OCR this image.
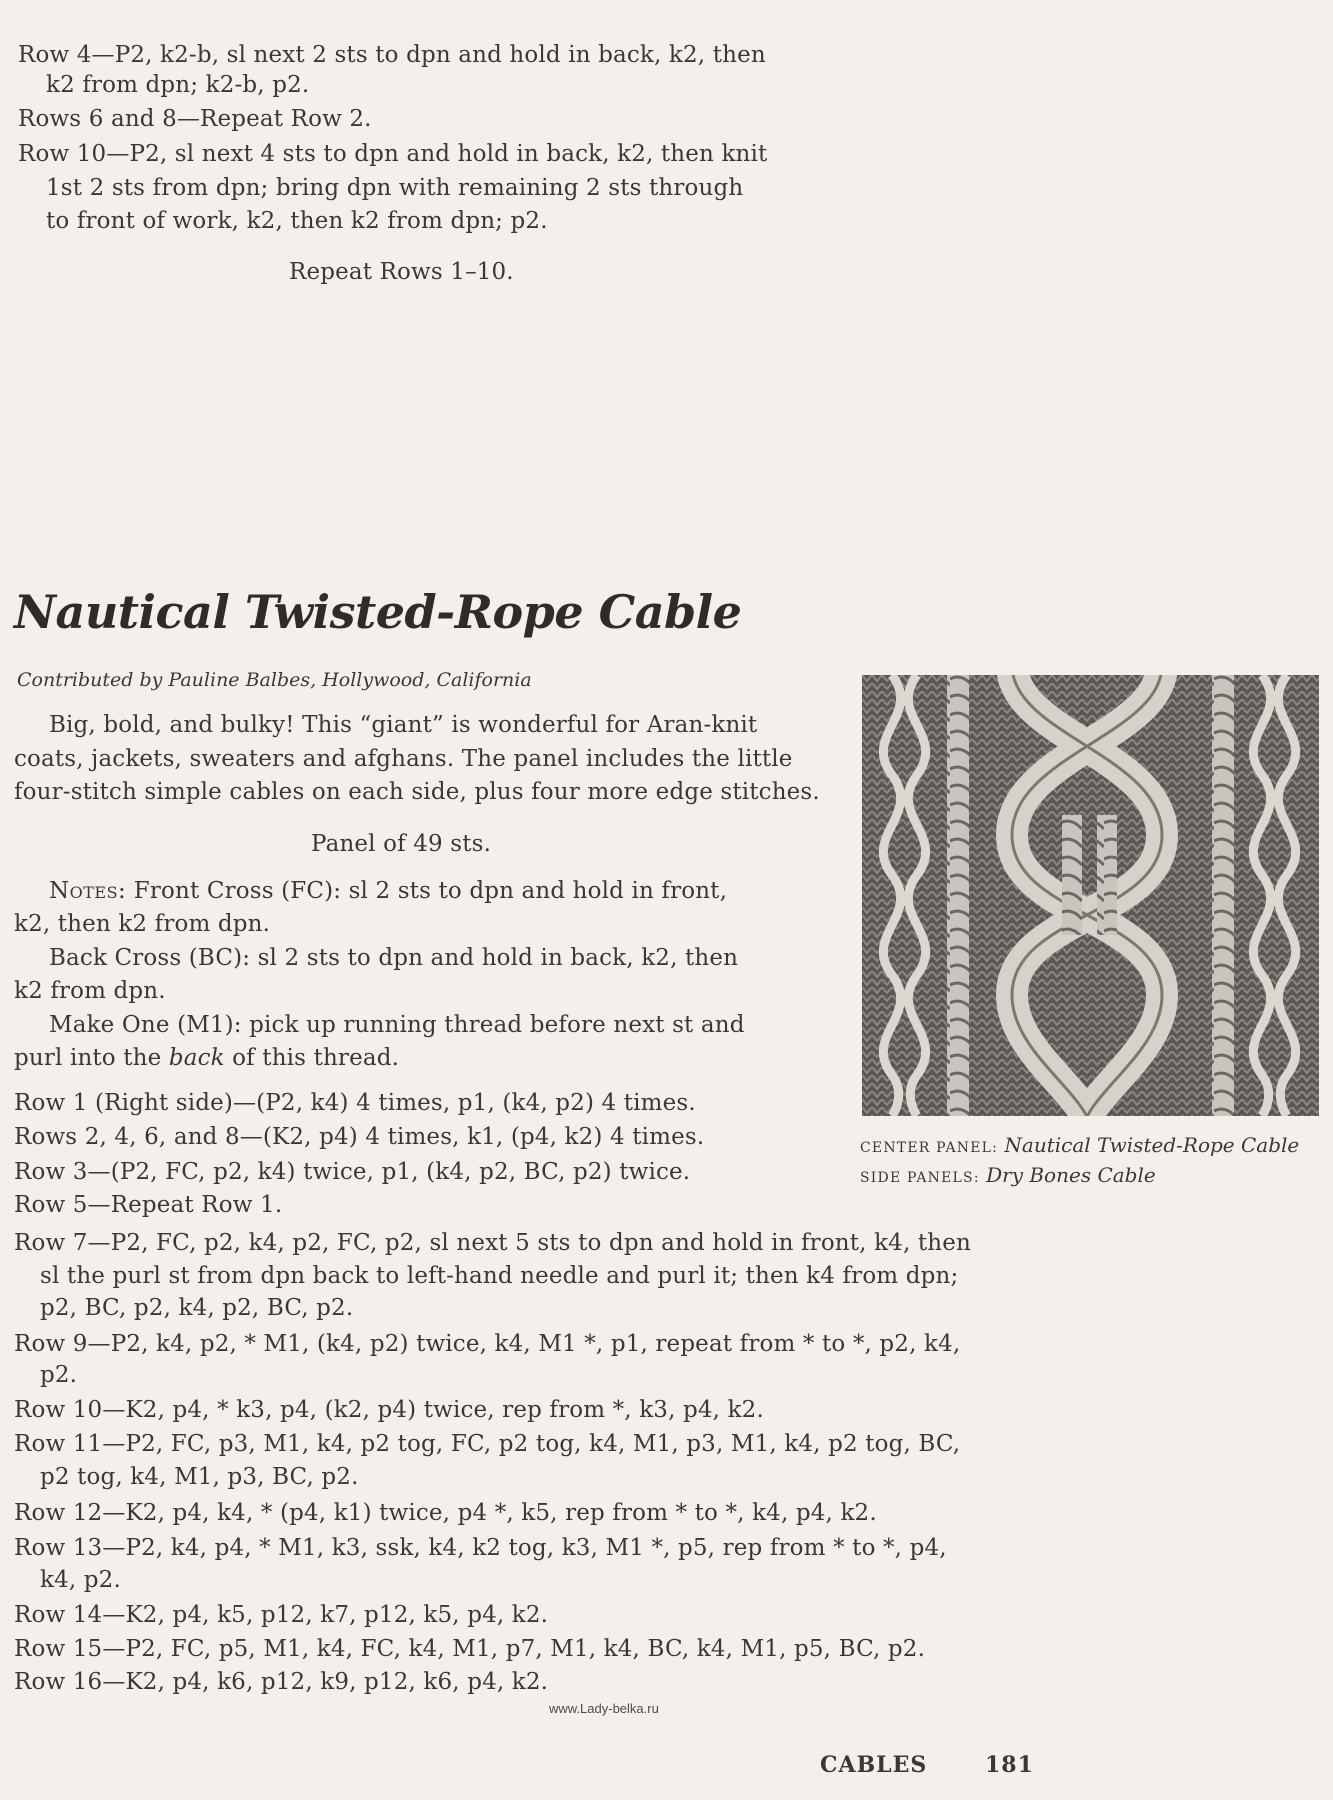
Row 4—P2, k2-b, sl next 2 sts to dpn and hold in back, k2, then
k2 from dpn; k2-b, p2.
Rows 6 and 8—Repeat Row 2.
Row 10—P2, sl next 4 sts to dpn and hold in back, k2, then knit
1st 2 sts from dpn; bring dpn with remaining 2 sts through
to front of work, k2, then k2 from dpn; p2.
Repeat Rows 1–10.
Nautical Twisted-Rope Cable
Contributed by Pauline Balbes, Hollywood, California
Big, bold, and bulky! This “giant” is wonderful for Aran-knit
coats, jackets, sweaters and afghans. The panel includes the little
four-stitch simple cables on each side, plus four more edge stitches.
Panel of 49 sts.
Notes: Front Cross (FC): sl 2 sts to dpn and hold in front,
k2, then k2 from dpn.
Back Cross (BC): sl 2 sts to dpn and hold in back, k2, then
k2 from dpn.
Make One (M1): pick up running thread before next st and
purl into the back of this thread.
CENTER PANEL: Nautical Twisted-Rope Cable
SIDE PANELS: Dry Bones Cable
Row 1 (Right side)—(P2, k4) 4 times, p1, (k4, p2) 4 times.
Rows 2, 4, 6, and 8—(K2, p4) 4 times, k1, (p4, k2) 4 times.
Row 3—(P2, FC, p2, k4) twice, p1, (k4, p2, BC, p2) twice.
Row 5—Repeat Row 1.
Row 7—P2, FC, p2, k4, p2, FC, p2, sl next 5 sts to dpn and hold in front, k4, then
sl the purl st from dpn back to left-hand needle and purl it; then k4 from dpn;
p2, BC, p2, k4, p2, BC, p2.
Row 9—P2, k4, p2, * M1, (k4, p2) twice, k4, M1 *, p1, repeat from * to *, p2, k4,
p2.
Row 10—K2, p4, * k3, p4, (k2, p4) twice, rep from *, k3, p4, k2.
Row 11—P2, FC, p3, M1, k4, p2 tog, FC, p2 tog, k4, M1, p3, M1, k4, p2 tog, BC,
p2 tog, k4, M1, p3, BC, p2.
Row 12—K2, p4, k4, * (p4, k1) twice, p4 *, k5, rep from * to *, k4, p4, k2.
Row 13—P2, k4, p4, * M1, k3, ssk, k4, k2 tog, k3, M1 *, p5, rep from * to *, p4,
k4, p2.
Row 14—K2, p4, k5, p12, k7, p12, k5, p4, k2.
Row 15—P2, FC, p5, M1, k4, FC, k4, M1, p7, M1, k4, BC, k4, M1, p5, BC, p2.
Row 16—K2, p4, k6, p12, k9, p12, k6, p4, k2.
www.Lady-belka.ru
CABLES	181
